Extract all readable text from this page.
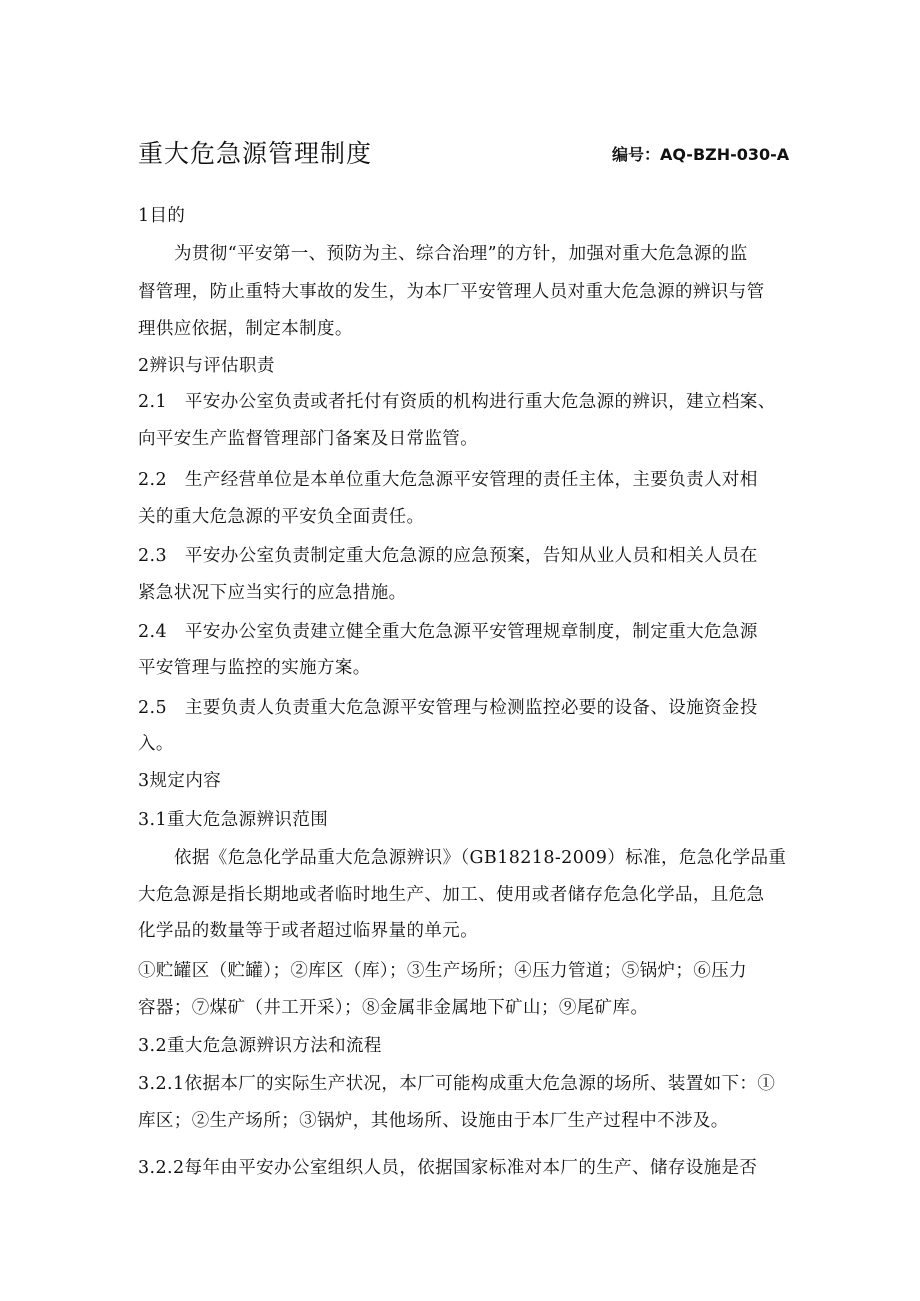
重大危急源管理制度	编号：AQ-BZH-030-A
1目的
为贯彻“平安第一、预防为主、综合治理”的方针，加强对重大危急源的监
督管理，防止重特大事故的发生，为本厂平安管理人员对重大危急源的辨识与管
理供应依据，制定本制度。
2辨识与评估职责
2.1　平安办公室负责或者托付有资质的机构进行重大危急源的辨识，建立档案、
向平安生产监督管理部门备案及日常监管。
2.2　生产经营单位是本单位重大危急源平安管理的责任主体，主要负责人对相
关的重大危急源的平安负全面责任。
2.3　平安办公室负责制定重大危急源的应急预案，告知从业人员和相关人员在
紧急状况下应当实行的应急措施。
2.4　平安办公室负责建立健全重大危急源平安管理规章制度，制定重大危急源
平安管理与监控的实施方案。
2.5　主要负责人负责重大危急源平安管理与检测监控必要的设备、设施资金投
入。
3规定内容
3.1重大危急源辨识范围
依据《危急化学品重大危急源辨识》（GB18218-2009）标准，危急化学品重
大危急源是指长期地或者临时地生产、加工、使用或者储存危急化学品，且危急
化学品的数量等于或者超过临界量的单元。
①贮罐区（贮罐）；②库区（库）；③生产场所；④压力管道；⑤锅炉；⑥压力
容器；⑦煤矿（井工开采）；⑧金属非金属地下矿山；⑨尾矿库。
3.2重大危急源辨识方法和流程
3.2.1依据本厂的实际生产状况，本厂可能构成重大危急源的场所、装置如下：①
库区；②生产场所；③锅炉，其他场所、设施由于本厂生产过程中不涉及。
3.2.2每年由平安办公室组织人员，依据国家标准对本厂的生产、储存设施是否
